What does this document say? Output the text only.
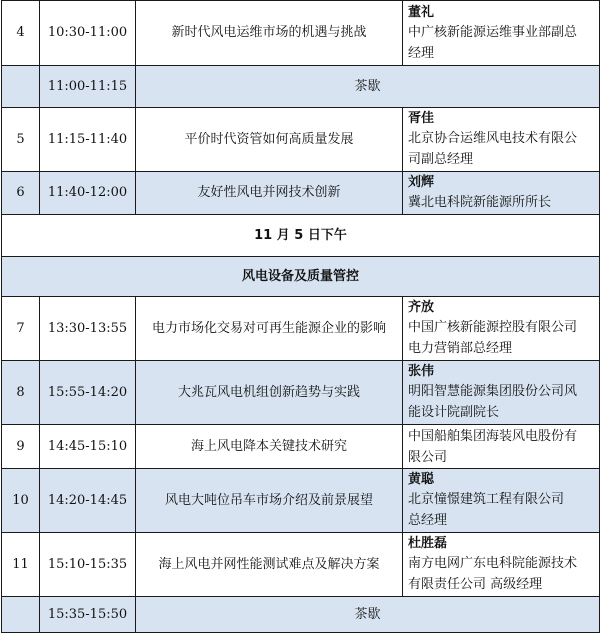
4	10:30-11:00	新时代风电运维市场的机遇与挑战	董礼
中广核新能源运维事业部副总
经理

	11:00-11:15	茶歇	
5	11:15-11:40	平价时代资管如何高质量发展	胥佳
北京协合运维风电技术有限公
司副总经理

6	11:40-12:00	友好性风电并网技术创新	刘辉
冀北电科院新能源所所长

11 月 5 日下午			
风电设备及质量管控			
7	13:30-13:55	电力市场化交易对可再生能源企业的影响	齐放
中国广核新能源控股有限公司
电力营销部总经理

8	15:55-14:20	大兆瓦风电机组创新趋势与实践	张伟
明阳智慧能源集团股份公司风
能设计院副院长

9	14:45-15:10	海上风电降本关键技术研究	中国船舶集团海装风电股份有
限公司

10	14:20-14:45	风电大吨位吊车市场介绍及前景展望	黄聪
北京憧憬建筑工程有限公司
总经理

11	15:10-15:35	海上风电并网性能测试难点及解决方案	杜胜磊
南方电网广东电科院能源技术
有限责任公司 高级经理

	15:35-15:50	茶歇	
